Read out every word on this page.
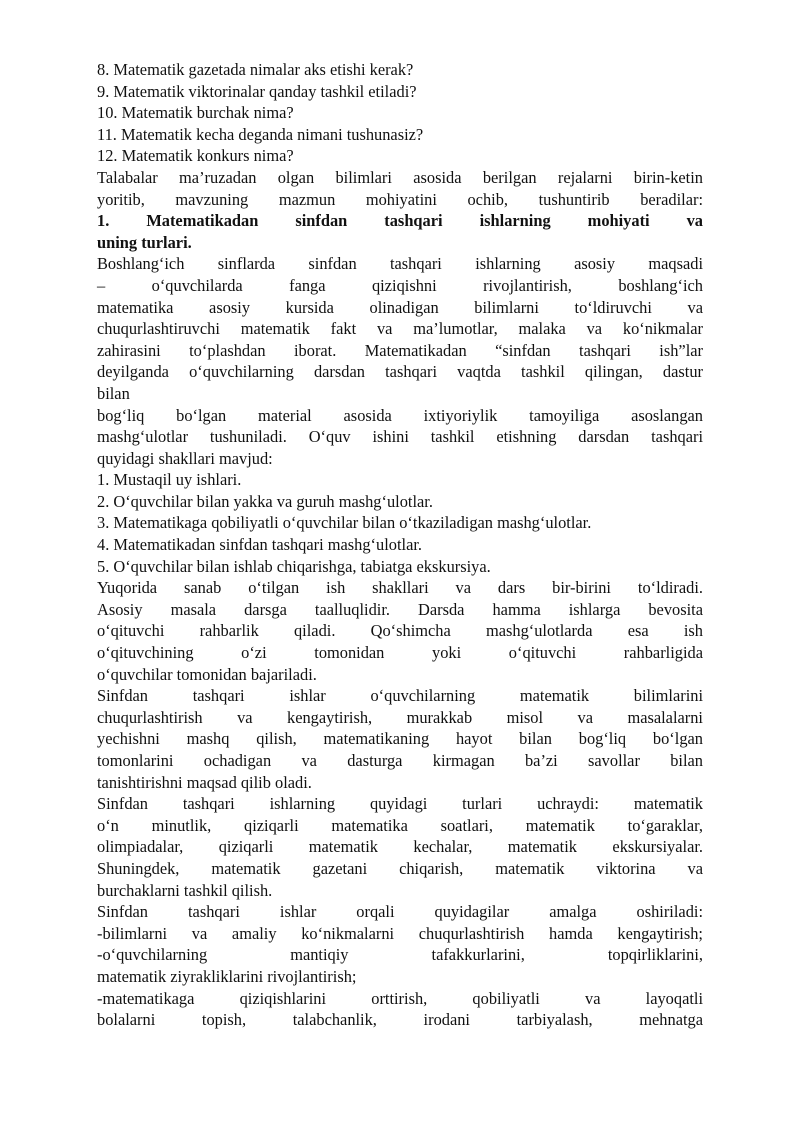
8. Matematik gazetada nimalar aks etishi kerak?
9. Matematik viktorinalar qanday tashkil etiladi?
10. Matematik burchak nima?
11. Matematik kecha deganda nimani tushunasiz?
12. Matematik konkurs nima?
Talabalar ma’ruzadan olgan bilimlari asosida berilgan rejalarni birin-ketin
yoritib, mavzuning mazmun mohiyatini ochib, tushuntirib beradilar:
1. Matematikadan sinfdan tashqari ishlarning mohiyati va
uning turlari.
Boshlang‘ich sinflarda sinfdan tashqari ishlarning asosiy maqsadi
– o‘quvchilarda fanga qiziqishni rivojlantirish, boshlang‘ich
matematika asosiy kursida olinadigan bilimlarni to‘ldiruvchi va
chuqurlashtiruvchi matematik fakt va ma’lumotlar, malaka va ko‘nikmalar
zahirasini to‘plashdan iborat. Matematikadan “sinfdan tashqari ish”lar
deyilganda o‘quvchilarning darsdan tashqari vaqtda tashkil qilingan, dastur
bilan
bog‘liq bo‘lgan material asosida ixtiyoriylik tamoyiliga asoslangan
mashg‘ulotlar tushuniladi. O‘quv ishini tashkil etishning darsdan tashqari
quyidagi shakllari mavjud:
1. Mustaqil uy ishlari.
2. O‘quvchilar bilan yakka va guruh mashg‘ulotlar.
3. Matematikaga qobiliyatli o‘quvchilar bilan o‘tkaziladigan mashg‘ulotlar.
4. Matematikadan sinfdan tashqari mashg‘ulotlar.
5. O‘quvchilar bilan ishlab chiqarishga, tabiatga ekskursiya.
Yuqorida sanab o‘tilgan ish shakllari va dars bir-birini to‘ldiradi.
Asosiy masala darsga taalluqlidir. Darsda hamma ishlarga bevosita
o‘qituvchi rahbarlik qiladi. Qo‘shimcha mashg‘ulotlarda esa ish
o‘qituvchining o‘zi tomonidan yoki o‘qituvchi rahbarligida
o‘quvchilar tomonidan bajariladi.
Sinfdan tashqari ishlar o‘quvchilarning matematik bilimlarini
chuqurlashtirish va kengaytirish, murakkab misol va masalalarni
yechishni mashq qilish, matematikaning hayot bilan bog‘liq bo‘lgan
tomonlarini ochadigan va dasturga kirmagan ba’zi savollar bilan
tanishtirishni maqsad qilib oladi.
Sinfdan tashqari ishlarning quyidagi turlari uchraydi: matematik
o‘n minutlik, qiziqarli matematika soatlari, matematik to‘garaklar,
olimpiadalar, qiziqarli matematik kechalar, matematik ekskursiyalar.
Shuningdek, matematik gazetani chiqarish, matematik viktorina va
burchaklarni tashkil qilish.
Sinfdan tashqari ishlar orqali quyidagilar amalga oshiriladi:
-bilimlarni va amaliy ko‘nikmalarni chuqurlashtirish hamda kengaytirish;
-o‘quvchilarning mantiqiy tafakkurlarini, topqirliklarini,
matematik ziyrakliklarini rivojlantirish;
-matematikaga qiziqishlarini orttirish, qobiliyatli va layoqatli
bolalarni topish, talabchanlik, irodani tarbiyalash, mehnatga
